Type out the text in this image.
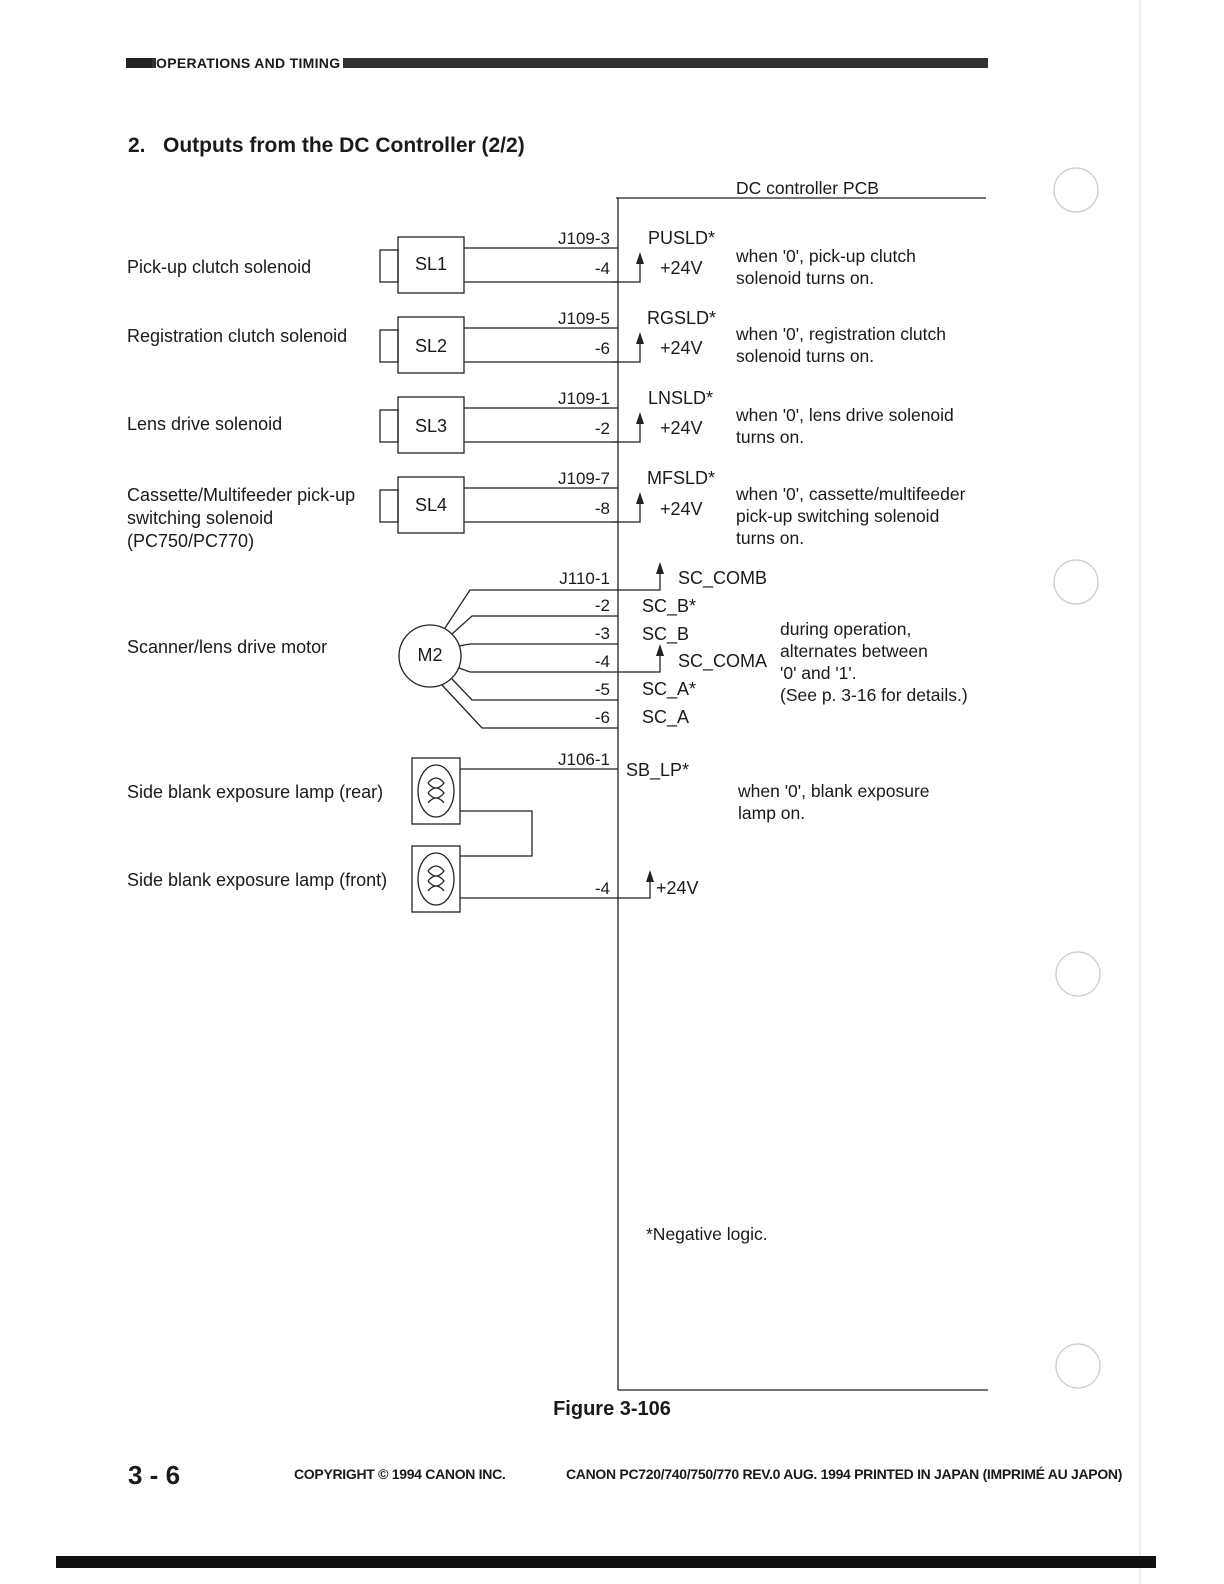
OPERATIONS AND TIMING
2.   Outputs from the DC Controller (2/2)
DC controller PCB
Pick-up clutch solenoid	SL1
J109-3
-4
PUSLD*
+24V
when '0', pick-up clutch
solenoid turns on.
Registration clutch solenoid	SL2
J109-5
-6
RGSLD*
+24V
when '0', registration clutch
solenoid turns on.
Lens drive solenoid	SL3
J109-1
-2
LNSLD*
+24V
when '0', lens drive solenoid
turns on.
Cassette/Multifeeder pick-up
switching solenoid
(PC750/PC770)
SL4
J109-7
-8
MFSLD*
+24V
when '0', cassette/multifeeder
pick-up switching solenoid
turns on.
Scanner/lens drive motor	M2
J110-1
-2
-3
-4
-5
-6
SC_COMB
SC_B*
SC_B
SC_COMA
SC_A*
SC_A
during operation,
alternates between
'0' and '1'.
(See p. 3-16 for details.)
Side blank exposure lamp (rear)
Side blank exposure lamp (front)
J106-1
-4
SB_LP*
+24V
when '0', blank exposure
lamp on.
*Negative logic.
Figure 3-106
3 - 6	COPYRIGHT © 1994 CANON INC.	CANON PC720/740/750/770 REV.0 AUG. 1994 PRINTED IN JAPAN (IMPRIMÉ AU JAPON)
